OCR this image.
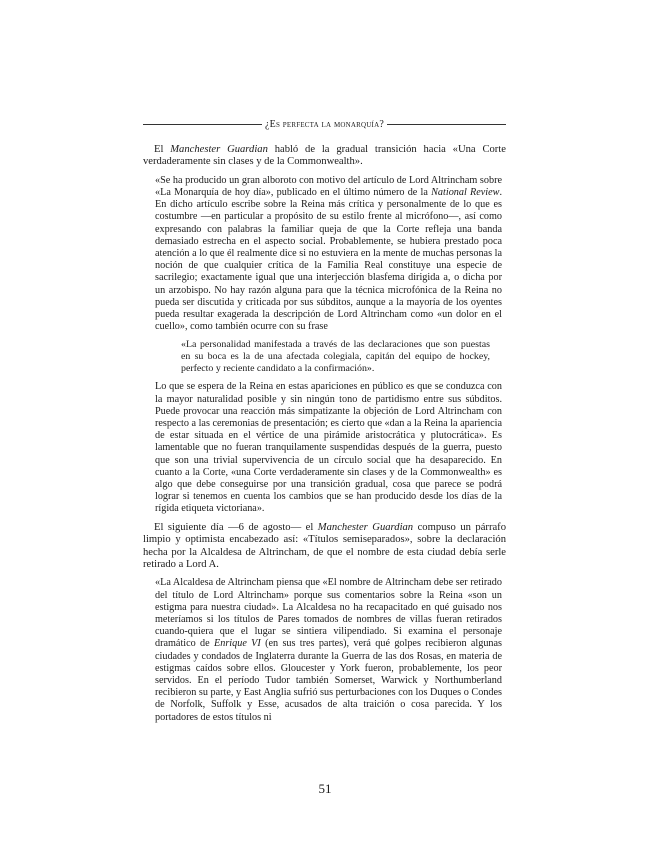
¿Es perfecta la monarquía?

El Manchester Guardian habló de la gradual transición hacia «Una Corte verdaderamente sin clases y de la Commonwealth».

«Se ha producido un gran alboroto con motivo del artículo de Lord Altrincham sobre «La Monarquía de hoy día», publicado en el último número de la National Review. En dicho artículo escribe sobre la Reina más crítica y personalmente de lo que es costumbre —en particular a propósito de su estilo frente al micrófono—, así como expresando con palabras la familiar queja de que la Corte refleja una banda demasiado estrecha en el aspecto social. Probablemente, se hubiera prestado poca atención a lo que él realmente dice si no estuviera en la mente de muchas personas la noción de que cualquier crítica de la Familia Real constituye una especie de sacrilegio; exactamente igual que una interjección blasfema dirigida a, o dicha por un arzobispo. No hay razón alguna para que la técnica microfónica de la Reina no pueda ser discutida y criticada por sus súbditos, aunque a la mayoría de los oyentes pueda resultar exagerada la descripción de Lord Altrincham como «un dolor en el cuello», como también ocurre con su frase

«La personalidad manifestada a través de las declaraciones que son puestas en su boca es la de una afectada colegiala, capitán del equipo de hockey, perfecto y reciente candidato a la confirmación».

Lo que se espera de la Reina en estas apariciones en público es que se conduzca con la mayor naturalidad posible y sin ningún tono de partidismo entre sus súbditos. Puede provocar una reacción más simpatizante la objeción de Lord Altrincham con respecto a las ceremonias de presentación; es cierto que «dan a la Reina la apariencia de estar situada en el vértice de una pirámide aristocrática y plutocrática». Es lamentable que no fueran tranquilamente suspendidas después de la guerra, puesto que son una trivial supervivencia de un círculo social que ha desaparecido. En cuanto a la Corte, «una Corte verdaderamente sin clases y de la Commonwealth» es algo que debe conseguirse por una transición gradual, cosa que parece se podrá lograr si tenemos en cuenta los cambios que se han producido desde los días de la rígida etiqueta victoriana».

El siguiente día —6 de agosto— el Manchester Guardian compuso un párrafo limpio y optimista encabezado así: «Títulos semiseparados», sobre la declaración hecha por la Alcaldesa de Altrincham, de que el nombre de esta ciudad debía serle retirado a Lord A.

«La Alcaldesa de Altrincham piensa que «El nombre de Altrincham debe ser retirado del título de Lord Altrincham» porque sus comentarios sobre la Reina «son un estigma para nuestra ciudad». La Alcaldesa no ha recapacitado en qué guisado nos meteríamos si los títulos de Pares tomados de nombres de villas fueran retirados cuando-quiera que el lugar se sintiera vilipendiado. Si examina el personaje dramático de Enrique VI (en sus tres partes), verá qué golpes recibieron algunas ciudades y condados de Inglaterra durante la Guerra de las dos Rosas, en materia de estigmas caídos sobre ellos. Gloucester y York fueron, probablemente, los peor servidos. En el período Tudor también Somerset, Warwick y Northumberland recibieron su parte, y East Anglia sufrió sus perturbaciones con los Duques o Condes de Norfolk, Suffolk y Esse, acusados de alta traición o cosa parecida. Y los portadores de estos títulos ni

51
